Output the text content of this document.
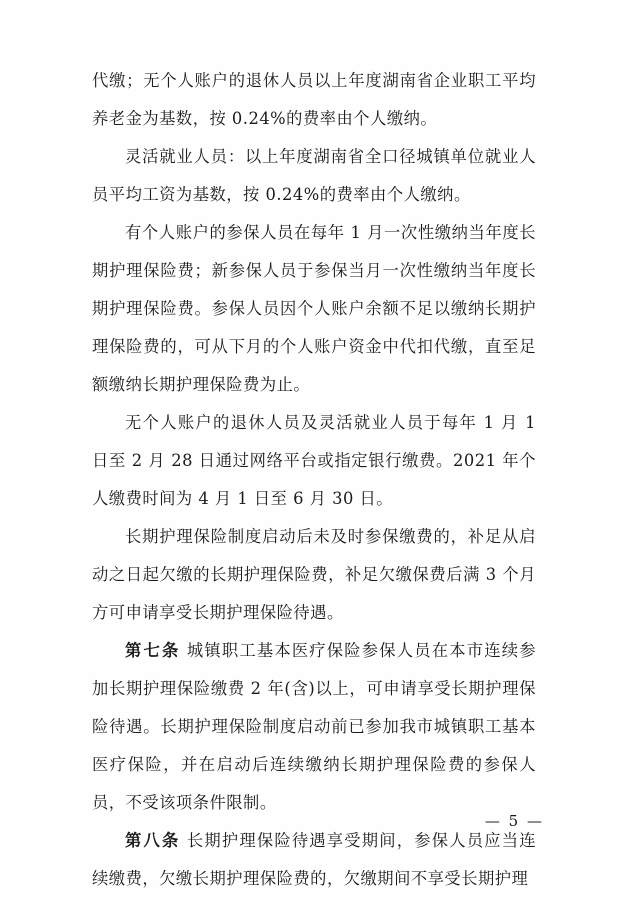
代缴；无个人账户的退休人员以上年度湖南省企业职工平均养老金为基数，按 0.24%的费率由个人缴纳。

灵活就业人员：以上年度湖南省全口径城镇单位就业人员平均工资为基数，按 0.24%的费率由个人缴纳。

有个人账户的参保人员在每年 1 月一次性缴纳当年度长期护理保险费；新参保人员于参保当月一次性缴纳当年度长期护理保险费。参保人员因个人账户余额不足以缴纳长期护理保险费的，可从下月的个人账户资金中代扣代缴，直至足额缴纳长期护理保险费为止。

无个人账户的退休人员及灵活就业人员于每年 1 月 1 日至 2 月 28 日通过网络平台或指定银行缴费。2021 年个人缴费时间为 4 月 1 日至 6 月 30 日。

长期护理保险制度启动后未及时参保缴费的，补足从启动之日起欠缴的长期护理保险费，补足欠缴保费后满 3 个月方可申请享受长期护理保险待遇。

第七条 城镇职工基本医疗保险参保人员在本市连续参加长期护理保险缴费 2 年(含)以上，可申请享受长期护理保险待遇。长期护理保险制度启动前已参加我市城镇职工基本医疗保险，并在启动后连续缴纳长期护理保险费的参保人员，不受该项条件限制。

第八条 长期护理保险待遇享受期间，参保人员应当连续缴费，欠缴长期护理保险费的，欠缴期间不享受长期护理

— 5 —
